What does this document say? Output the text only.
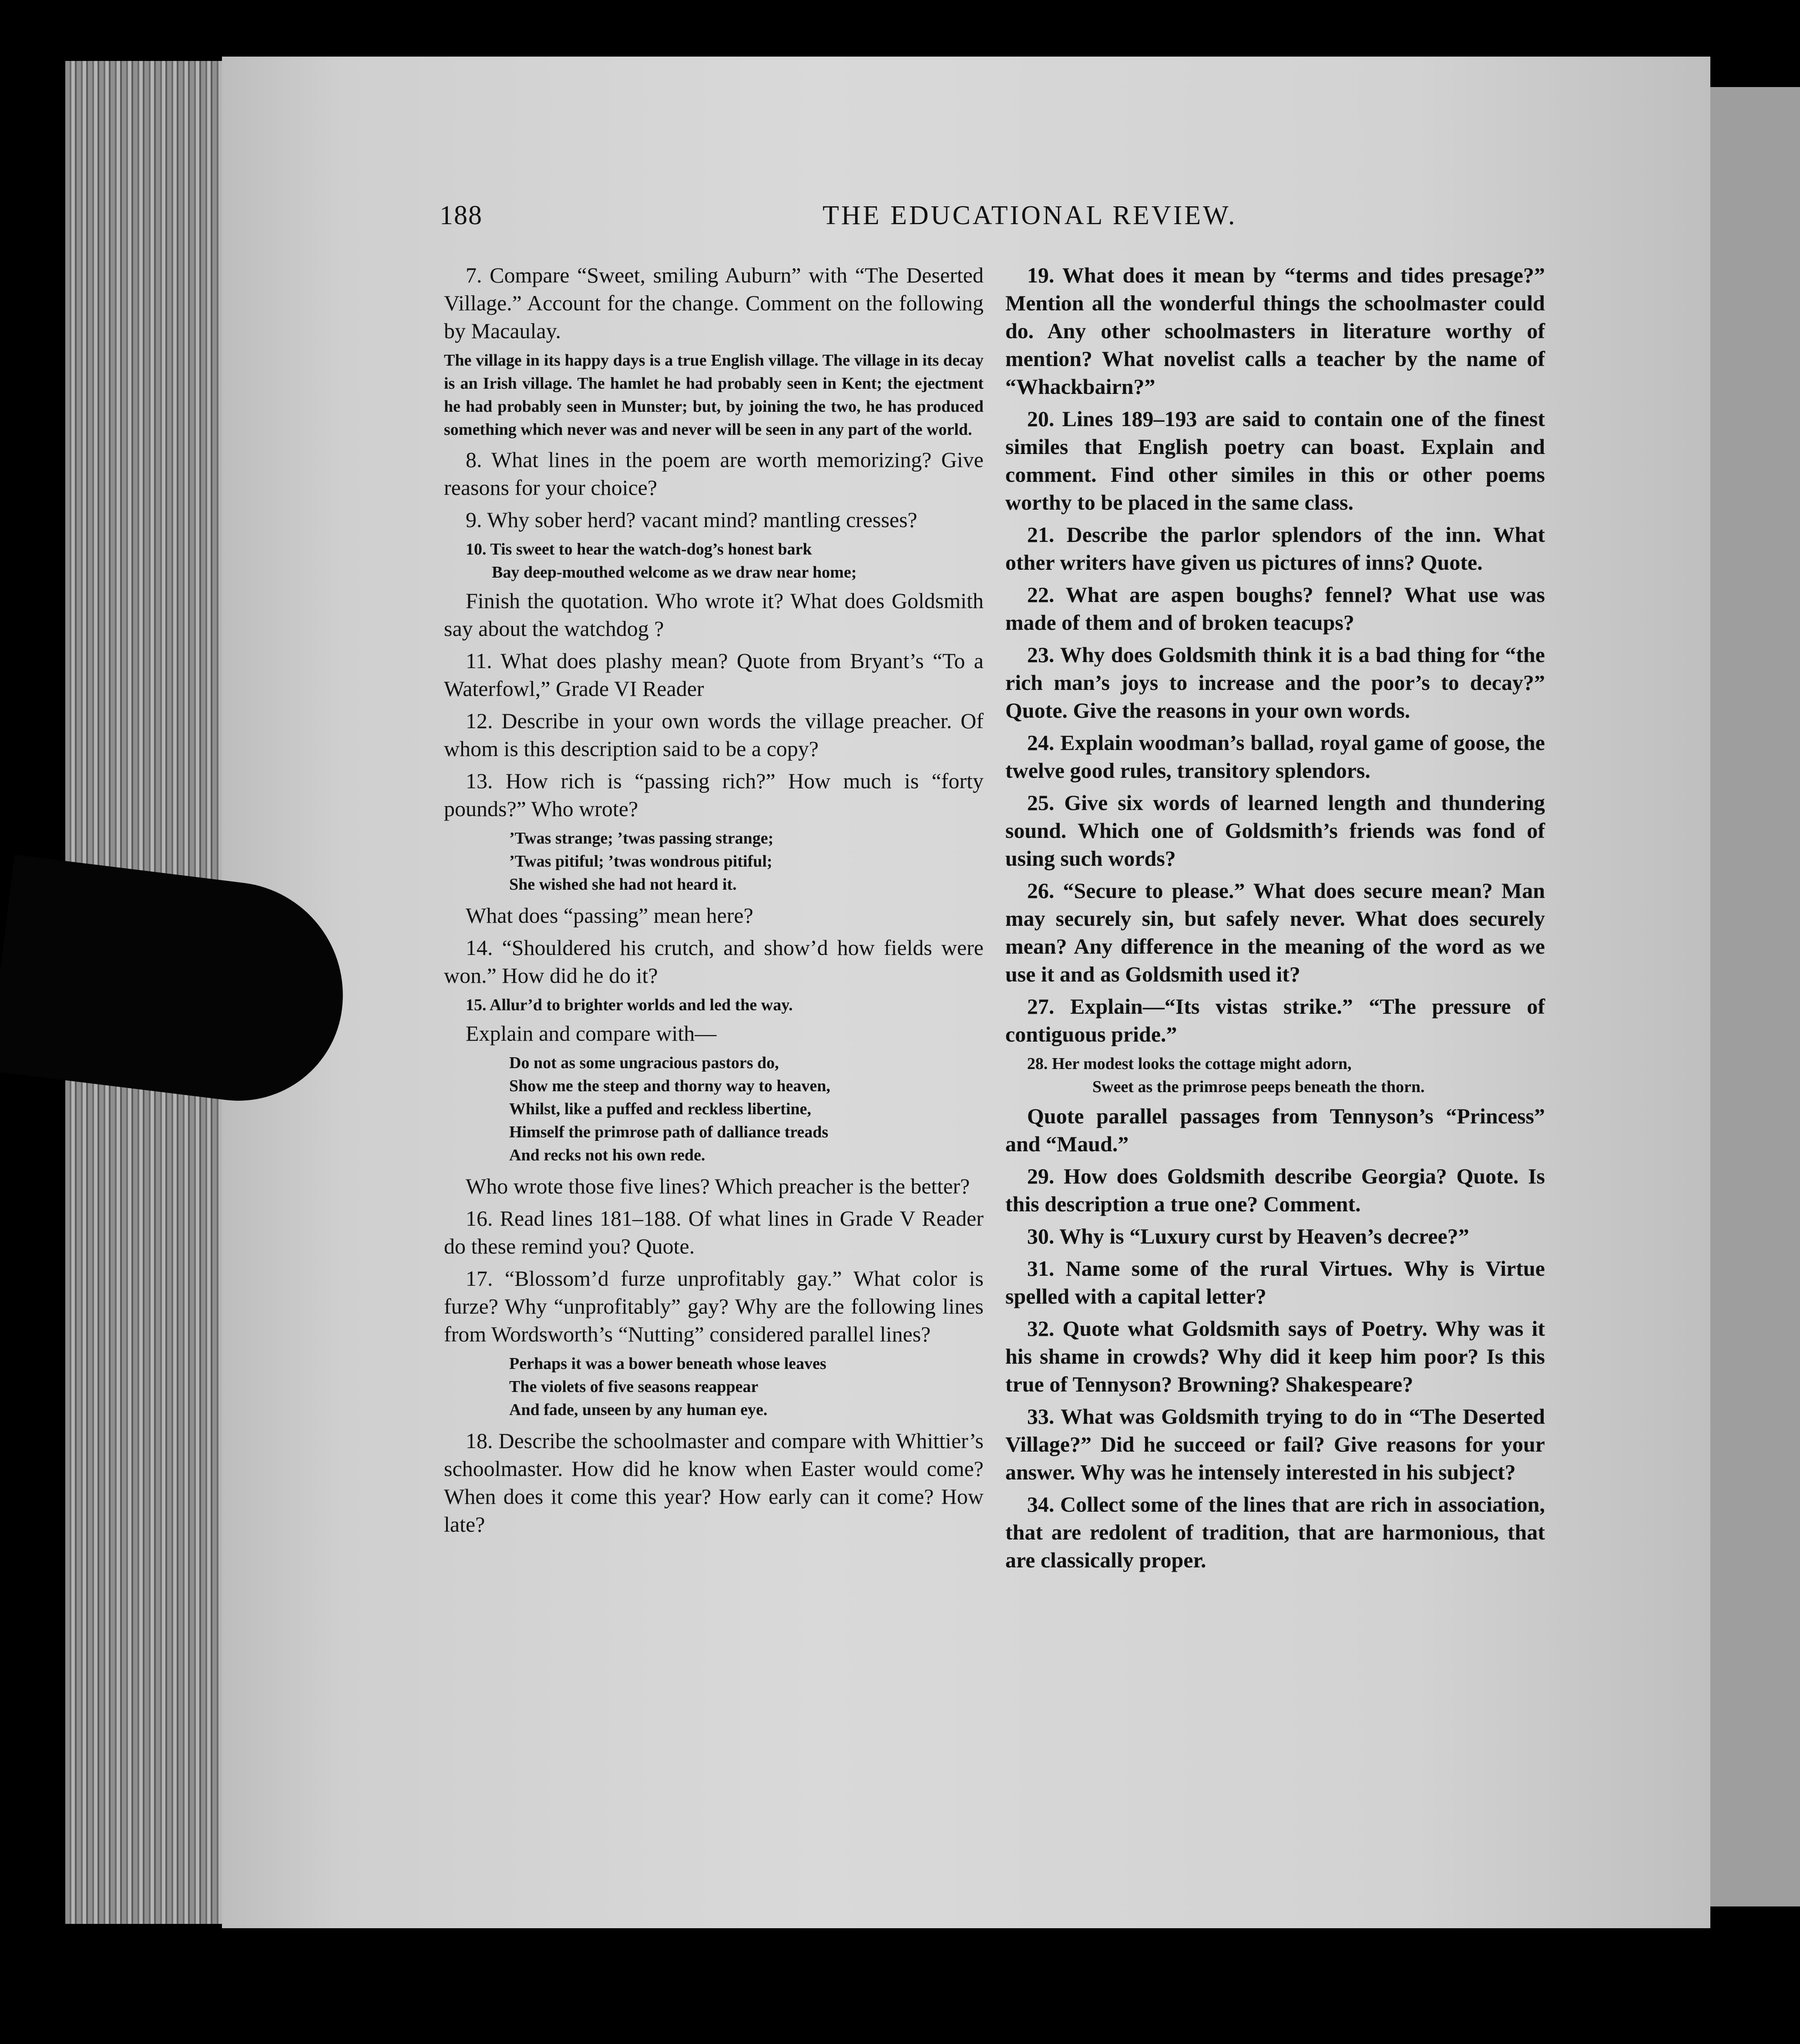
188	THE EDUCATIONAL REVIEW.

7. Compare “Sweet, smiling Auburn” with “The Deserted Village.” Account for the change. Comment on the following by Macaulay.

The village in its happy days is a true English village. The village in its decay is an Irish village. The hamlet he had probably seen in Kent; the ejectment he had probably seen in Munster; but, by joining the two, he has produced something which never was and never will be seen in any part of the world.

8. What lines in the poem are worth memorizing? Give reasons for your choice?

9. Why sober herd? vacant mind? mantling cresses?

10. Tis sweet to hear the watch-dog’s honest bark
Bay deep-mouthed welcome as we draw near home;

Finish the quotation. Who wrote it? What does Goldsmith say about the watchdog ?

11. What does plashy mean? Quote from Bryant’s “To a Waterfowl,” Grade VI Reader

12. Describe in your own words the village preacher. Of whom is this description said to be a copy?

13. How rich is “passing rich?” How much is “forty pounds?” Who wrote?

’Twas strange; ’twas passing strange;
’Twas pitiful; ’twas wondrous pitiful;
She wished she had not heard it.

What does “passing” mean here?

14. “Shouldered his crutch, and show’d how fields were won.” How did he do it?

15. Allur’d to brighter worlds and led the way.

Explain and compare with—

Do not as some ungracious pastors do,
Show me the steep and thorny way to heaven,
Whilst, like a puffed and reckless libertine,
Himself the primrose path of dalliance treads
And recks not his own rede.

Who wrote those five lines? Which preacher is the better?

16. Read lines 181–188. Of what lines in Grade V Reader do these remind you? Quote.

17. “Blossom’d furze unprofitably gay.” What color is furze? Why “unprofitably” gay? Why are the following lines from Wordsworth’s “Nutting” considered parallel lines?

Perhaps it was a bower beneath whose leaves
The violets of five seasons reappear
And fade, unseen by any human eye.

18. Describe the schoolmaster and compare with Whittier’s schoolmaster. How did he know when Easter would come? When does it come this year? How early can it come? How late?

19. What does it mean by “terms and tides presage?” Mention all the wonderful things the schoolmaster could do. Any other schoolmasters in literature worthy of mention? What novelist calls a teacher by the name of “Whackbairn?”

20. Lines 189–193 are said to contain one of the finest similes that English poetry can boast. Explain and comment. Find other similes in this or other poems worthy to be placed in the same class.

21. Describe the parlor splendors of the inn. What other writers have given us pictures of inns? Quote.

22. What are aspen boughs? fennel? What use was made of them and of broken teacups?

23. Why does Goldsmith think it is a bad thing for “the rich man’s joys to increase and the poor’s to decay?” Quote. Give the reasons in your own words.

24. Explain woodman’s ballad, royal game of goose, the twelve good rules, transitory splendors.

25. Give six words of learned length and thundering sound. Which one of Goldsmith’s friends was fond of using such words?

26. “Secure to please.” What does secure mean? Man may securely sin, but safely never. What does securely mean? Any difference in the meaning of the word as we use it and as Goldsmith used it?

27. Explain—“Its vistas strike.” “The pressure of contiguous pride.”

28. Her modest looks the cottage might adorn,
Sweet as the primrose peeps beneath the thorn.

Quote parallel passages from Tennyson’s “Princess” and “Maud.”

29. How does Goldsmith describe Georgia? Quote. Is this description a true one? Comment.

30. Why is “Luxury curst by Heaven’s decree?”

31. Name some of the rural Virtues. Why is Virtue spelled with a capital letter?

32. Quote what Goldsmith says of Poetry. Why was it his shame in crowds? Why did it keep him poor? Is this true of Tennyson? Browning? Shakespeare?

33. What was Goldsmith trying to do in “The Deserted Village?” Did he succeed or fail? Give reasons for your answer. Why was he intensely interested in his subject?

34. Collect some of the lines that are rich in association, that are redolent of tradition, that are harmonious, that are classically proper.
